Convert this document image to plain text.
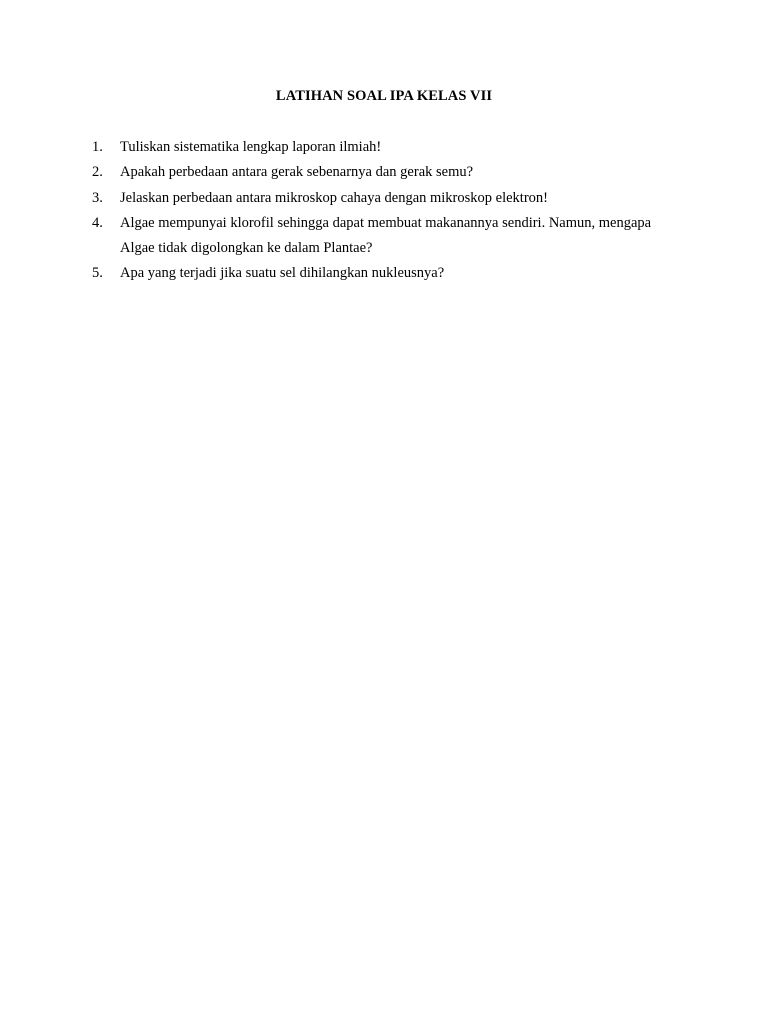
LATIHAN SOAL IPA KELAS VII
1.	Tuliskan sistematika lengkap laporan ilmiah!
2.	Apakah perbedaan antara gerak sebenarnya dan gerak semu?
3.	Jelaskan perbedaan antara mikroskop cahaya dengan mikroskop elektron!
4.	Algae mempunyai klorofil sehingga dapat membuat makanannya sendiri. Namun, mengapa Algae tidak digolongkan ke dalam Plantae?
5.	Apa yang terjadi jika suatu sel dihilangkan nukleusnya?
